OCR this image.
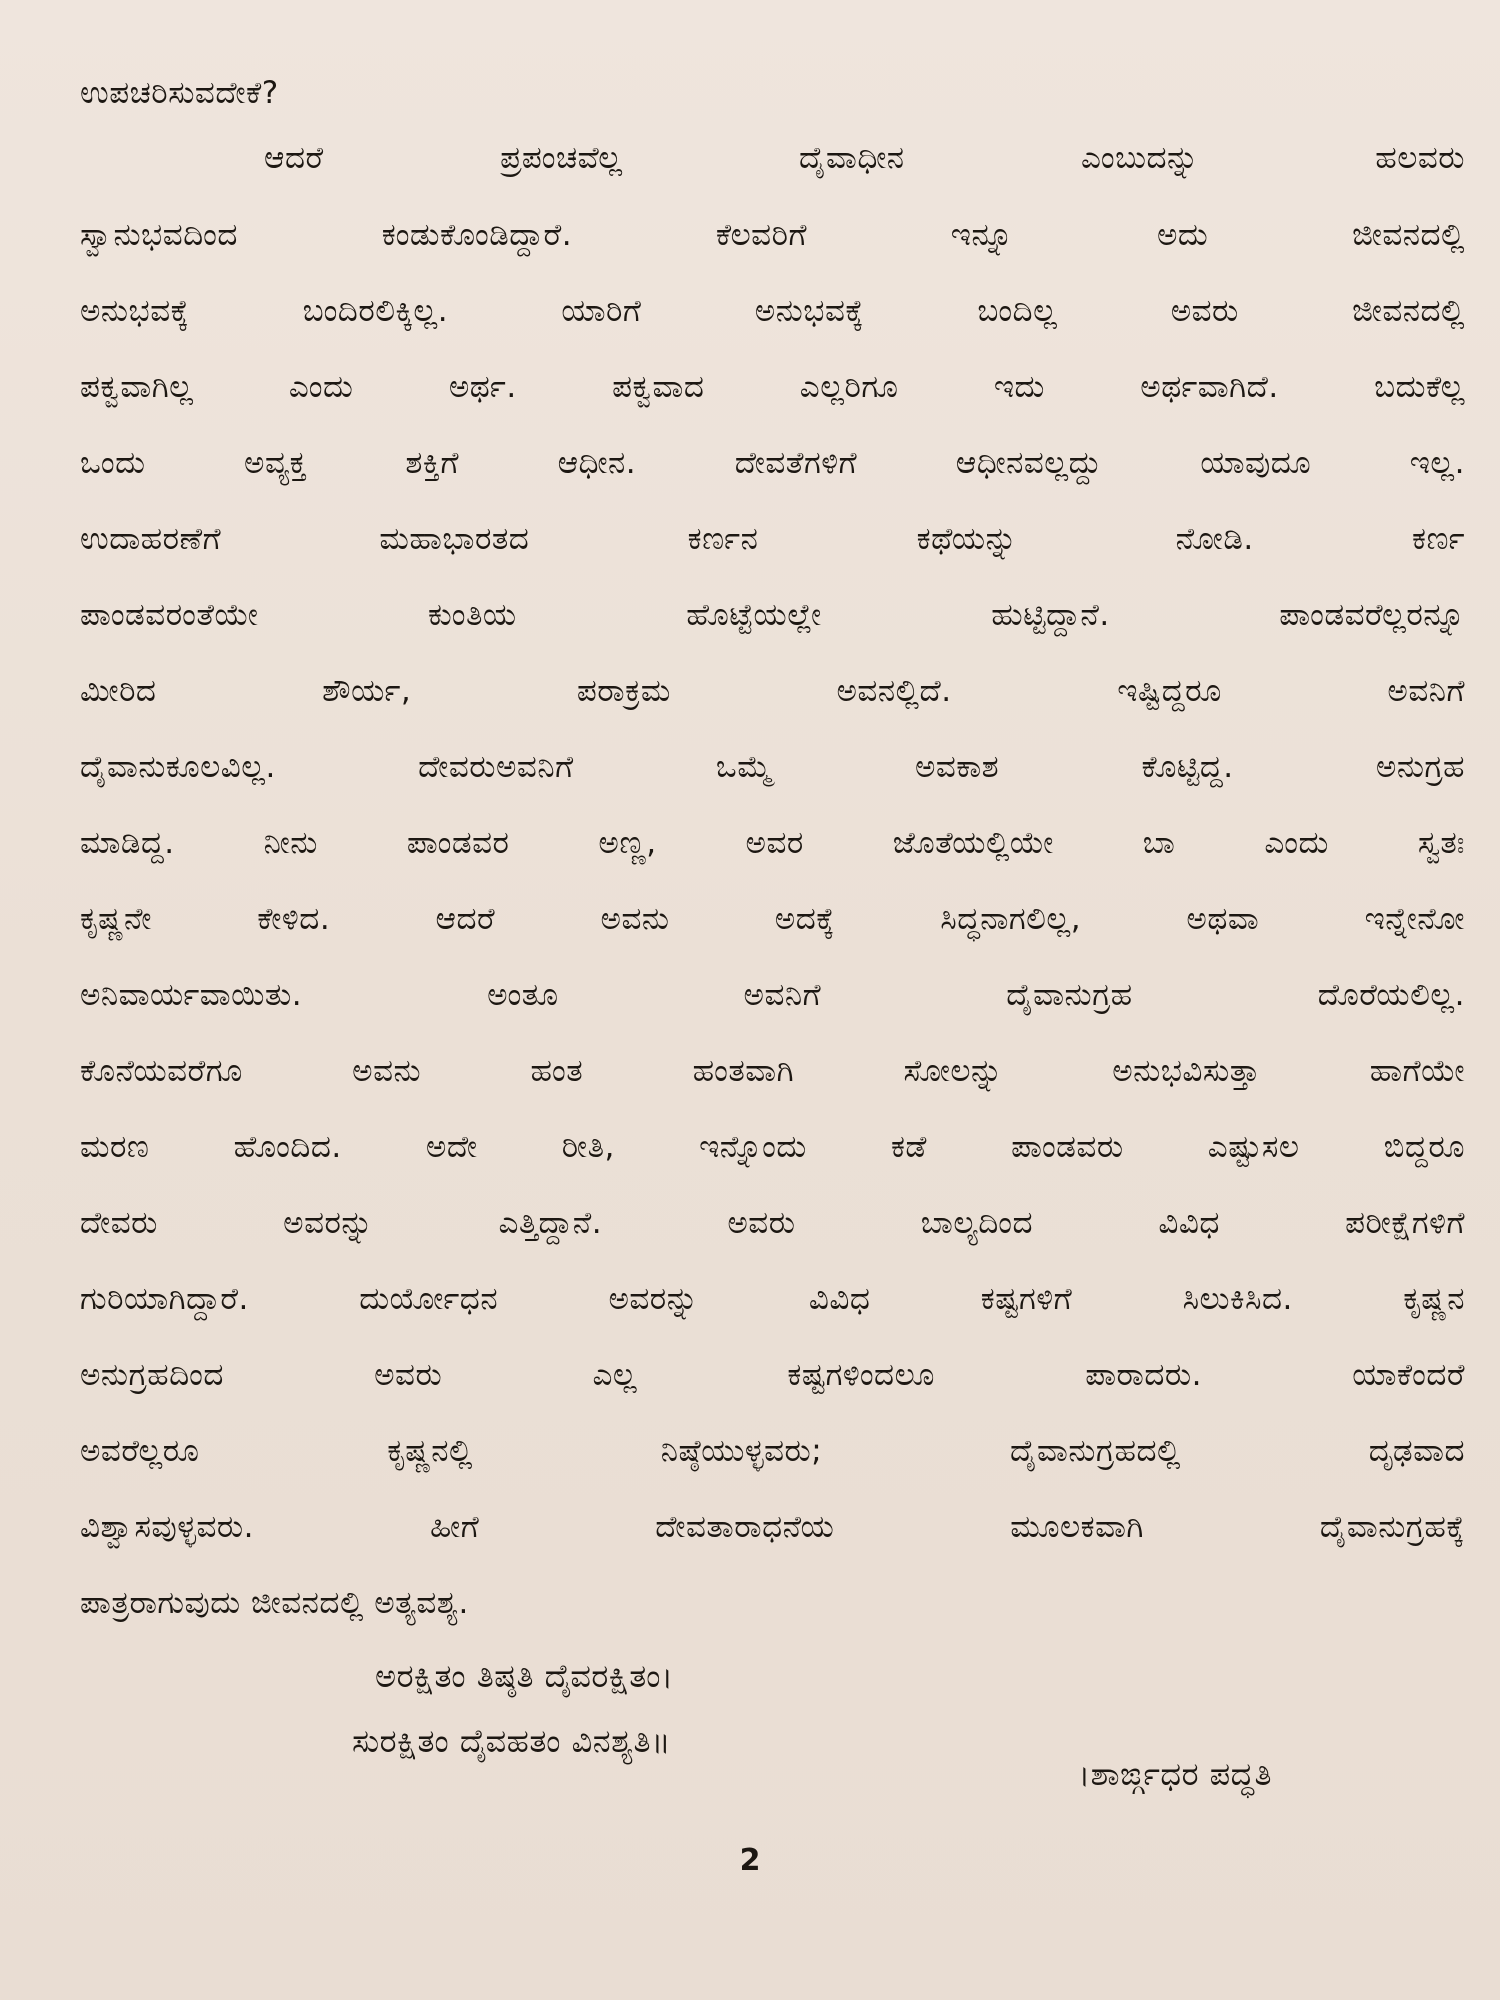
ಉಪಚರಿಸುವದೇಕೆ?
ಆದರೆ ಪ್ರಪಂಚವೆಲ್ಲ ದೈವಾಧೀನ ಎಂಬುದನ್ನು ಹಲವರು
ಸ್ವಾನುಭವದಿಂದ ಕಂಡುಕೊಂಡಿದ್ದಾರೆ. ಕೆಲವರಿಗೆ ಇನ್ನೂ ಅದು ಜೀವನದಲ್ಲಿ
ಅನುಭವಕ್ಕೆ ಬಂದಿರಲಿಕ್ಕಿಲ್ಲ. ಯಾರಿಗೆ ಅನುಭವಕ್ಕೆ ಬಂದಿಲ್ಲ ಅವರು ಜೀವನದಲ್ಲಿ
ಪಕ್ವವಾಗಿಲ್ಲ ಎಂದು ಅರ್ಥ. ಪಕ್ವವಾದ ಎಲ್ಲರಿಗೂ ಇದು ಅರ್ಥವಾಗಿದೆ. ಬದುಕೆಲ್ಲ
ಒಂದು ಅವ್ಯಕ್ತ ಶಕ್ತಿಗೆ ಆಧೀನ. ದೇವತೆಗಳಿಗೆ ಆಧೀನವಲ್ಲದ್ದು ಯಾವುದೂ ಇಲ್ಲ.
ಉದಾಹರಣೆಗೆ ಮಹಾಭಾರತದ ಕರ್ಣನ ಕಥೆಯನ್ನು ನೋಡಿ. ಕರ್ಣ
ಪಾಂಡವರಂತೆಯೇ ಕುಂತಿಯ ಹೊಟ್ಟೆಯಲ್ಲೇ ಹುಟ್ಟಿದ್ದಾನೆ. ಪಾಂಡವರೆಲ್ಲರನ್ನೂ
ಮೀರಿದ ಶೌರ್ಯ, ಪರಾಕ್ರಮ ಅವನಲ್ಲಿದೆ. ಇಷ್ಟಿದ್ದರೂ ಅವನಿಗೆ
ದೈವಾನುಕೂಲವಿಲ್ಲ. ದೇವರುಅವನಿಗೆ ಒಮ್ಮೆ ಅವಕಾಶ ಕೊಟ್ಟಿದ್ದ. ಅನುಗ್ರಹ
ಮಾಡಿದ್ದ. ನೀನು ಪಾಂಡವರ ಅಣ್ಣ, ಅವರ ಜೊತೆಯಲ್ಲಿಯೇ ಬಾ ಎಂದು ಸ್ವತಃ
ಕೃಷ್ಣನೇ ಕೇಳಿದ. ಆದರೆ ಅವನು ಅದಕ್ಕೆ ಸಿದ್ಧನಾಗಲಿಲ್ಲ, ಅಥವಾ ಇನ್ನೇನೋ
ಅನಿವಾರ್ಯವಾಯಿತು. ಅಂತೂ ಅವನಿಗೆ ದೈವಾನುಗ್ರಹ ದೊರೆಯಲಿಲ್ಲ.
ಕೊನೆಯವರೆಗೂ ಅವನು ಹಂತ ಹಂತವಾಗಿ ಸೋಲನ್ನು ಅನುಭವಿಸುತ್ತಾ ಹಾಗೆಯೇ
ಮರಣ ಹೊಂದಿದ. ಅದೇ ರೀತಿ, ಇನ್ನೊಂದು ಕಡೆ ಪಾಂಡವರು ಎಷ್ಟುಸಲ ಬಿದ್ದರೂ
ದೇವರು ಅವರನ್ನು ಎತ್ತಿದ್ದಾನೆ. ಅವರು ಬಾಲ್ಯದಿಂದ ವಿವಿಧ ಪರೀಕ್ಷೆಗಳಿಗೆ
ಗುರಿಯಾಗಿದ್ದಾರೆ. ದುರ್ಯೋಧನ ಅವರನ್ನು ವಿವಿಧ ಕಷ್ಟಗಳಿಗೆ ಸಿಲುಕಿಸಿದ. ಕೃಷ್ಣನ
ಅನುಗ್ರಹದಿಂದ ಅವರು ಎಲ್ಲ ಕಷ್ಟಗಳಿಂದಲೂ ಪಾರಾದರು. ಯಾಕೆಂದರೆ
ಅವರೆಲ್ಲರೂ ಕೃಷ್ಣನಲ್ಲಿ ನಿಷ್ಠೆಯುಳ್ಳವರು; ದೈವಾನುಗ್ರಹದಲ್ಲಿ ದೃಢವಾದ
ವಿಶ್ವಾಸವುಳ್ಳವರು. ಹೀಗೆ ದೇವತಾರಾಧನೆಯ ಮೂಲಕವಾಗಿ ದೈವಾನುಗ್ರಹಕ್ಕೆ
ಪಾತ್ರರಾಗುವುದು ಜೀವನದಲ್ಲಿ ಅತ್ಯವಶ್ಯ.
ಅರಕ್ಷಿತಂ ತಿಷ್ಠತಿ ದೈವರಕ್ಷಿತಂ।
ಸುರಕ್ಷಿತಂ ದೈವಹತಂ ವಿನಶ್ಯತಿ॥
।ಶಾರ್ಙ್ಗಧರ ಪದ್ಧತಿ
2
